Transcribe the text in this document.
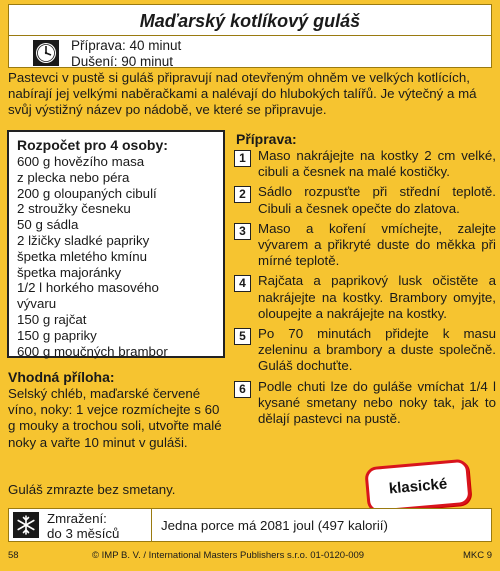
Maďarský kotlíkový guláš
Příprava: 40 minut
Dušení: 90 minut
Pastevci v pustě si guláš připravují nad otevřeným ohněm ve velkých kotlících, nabírají jej velkými naběračkami a nalévají do hlubokých talířů. Je výtečný a má svůj výstižný název po nádobě, ve které se připravuje.
Rozpočet pro 4 osoby:
600 g hovězího masa
z plecka nebo péra
200 g oloupaných cibulí
2 stroužky česneku
50 g sádla
2 lžičky sladké papriky
špetka mletého kmínu
špetka majoránky
1/2 l horkého masového
vývaru
150 g rajčat
150 g papriky
600 g moučných brambor
Vhodná příloha:
Selský chléb, maďarské červené víno, noky: 1 vejce rozmíchejte s 60 g mouky a trochou soli, utvořte malé noky a vařte 10 minut v guláši.
Příprava:
1 Maso nakrájejte na kostky 2 cm velké, cibuli a česnek na malé kostičky.
2 Sádlo rozpusťte při střední teplotě. Cibuli a česnek opečte do zlatova.
3 Maso a koření vmíchejte, zalejte vývarem a přikryté duste do měkka při mírné teplotě.
4 Rajčata a paprikový lusk očistěte a nakrájejte na kostky. Brambory omyjte, oloupejte a nakrájejte na kostky.
5 Po 70 minutách přidejte k masu zeleninu a brambory a duste společně. Guláš dochuťte.
6 Podle chuti lze do guláše vmíchat 1/4 l kysané smetany nebo noky tak, jak to dělají pastevci na pustě.
Guláš zmrazte bez smetany.	klasické
Zmražení:
do 3 měsíců
Jedna porce má 2081 joul (497 kalorií)
58	© IMP B. V. / International Masters Publishers s.r.o. 01-0120-009	MKC 9
